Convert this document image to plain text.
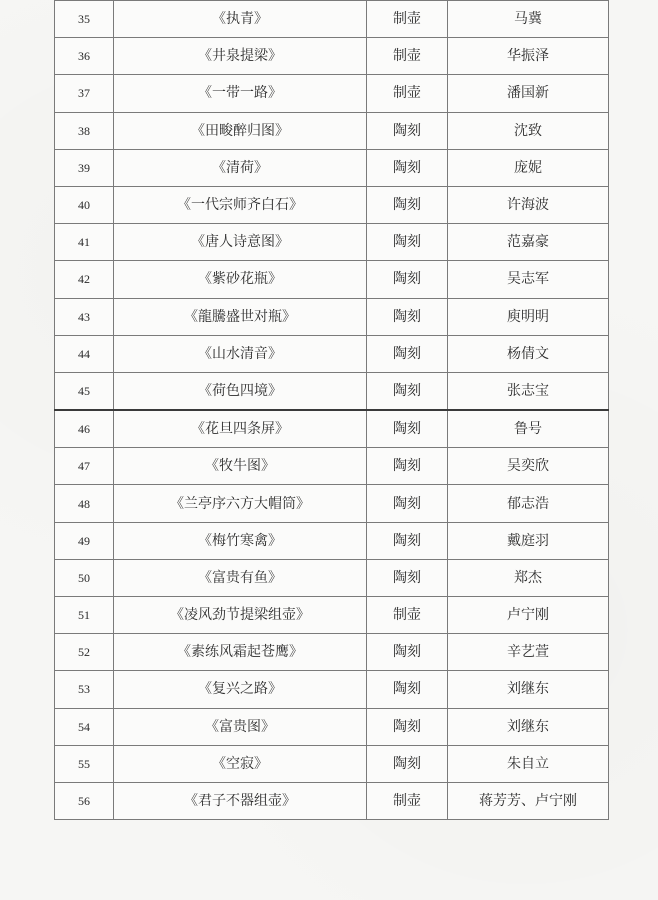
35	《执青》	制壶	马冀
36	《井泉提梁》	制壶	华振泽
37	《一带一路》	制壶	潘国新
38	《田畯醉归图》	陶刻	沈致
39	《清荷》	陶刻	庞妮
40	《一代宗师齐白石》	陶刻	许海波
41	《唐人诗意图》	陶刻	范嘉豪
42	《紫砂花瓶》	陶刻	吴志军
43	《龍騰盛世对瓶》	陶刻	庾明明
44	《山水清音》	陶刻	杨倩文
45	《荷色四境》	陶刻	张志宝
46	《花旦四条屏》	陶刻	鲁号
47	《牧牛图》	陶刻	吴奕欣
48	《兰亭序六方大帽筒》	陶刻	郁志浩
49	《梅竹寒禽》	陶刻	戴庭羽
50	《富贵有鱼》	陶刻	郑杰
51	《凌风劲节提梁组壶》	制壶	卢宁刚
52	《素练风霜起苍鹰》	陶刻	辛艺萱
53	《复兴之路》	陶刻	刘继东
54	《富贵图》	陶刻	刘继东
55	《空寂》	陶刻	朱自立
56	《君子不器组壶》	制壶	蒋芳芳、卢宁刚
